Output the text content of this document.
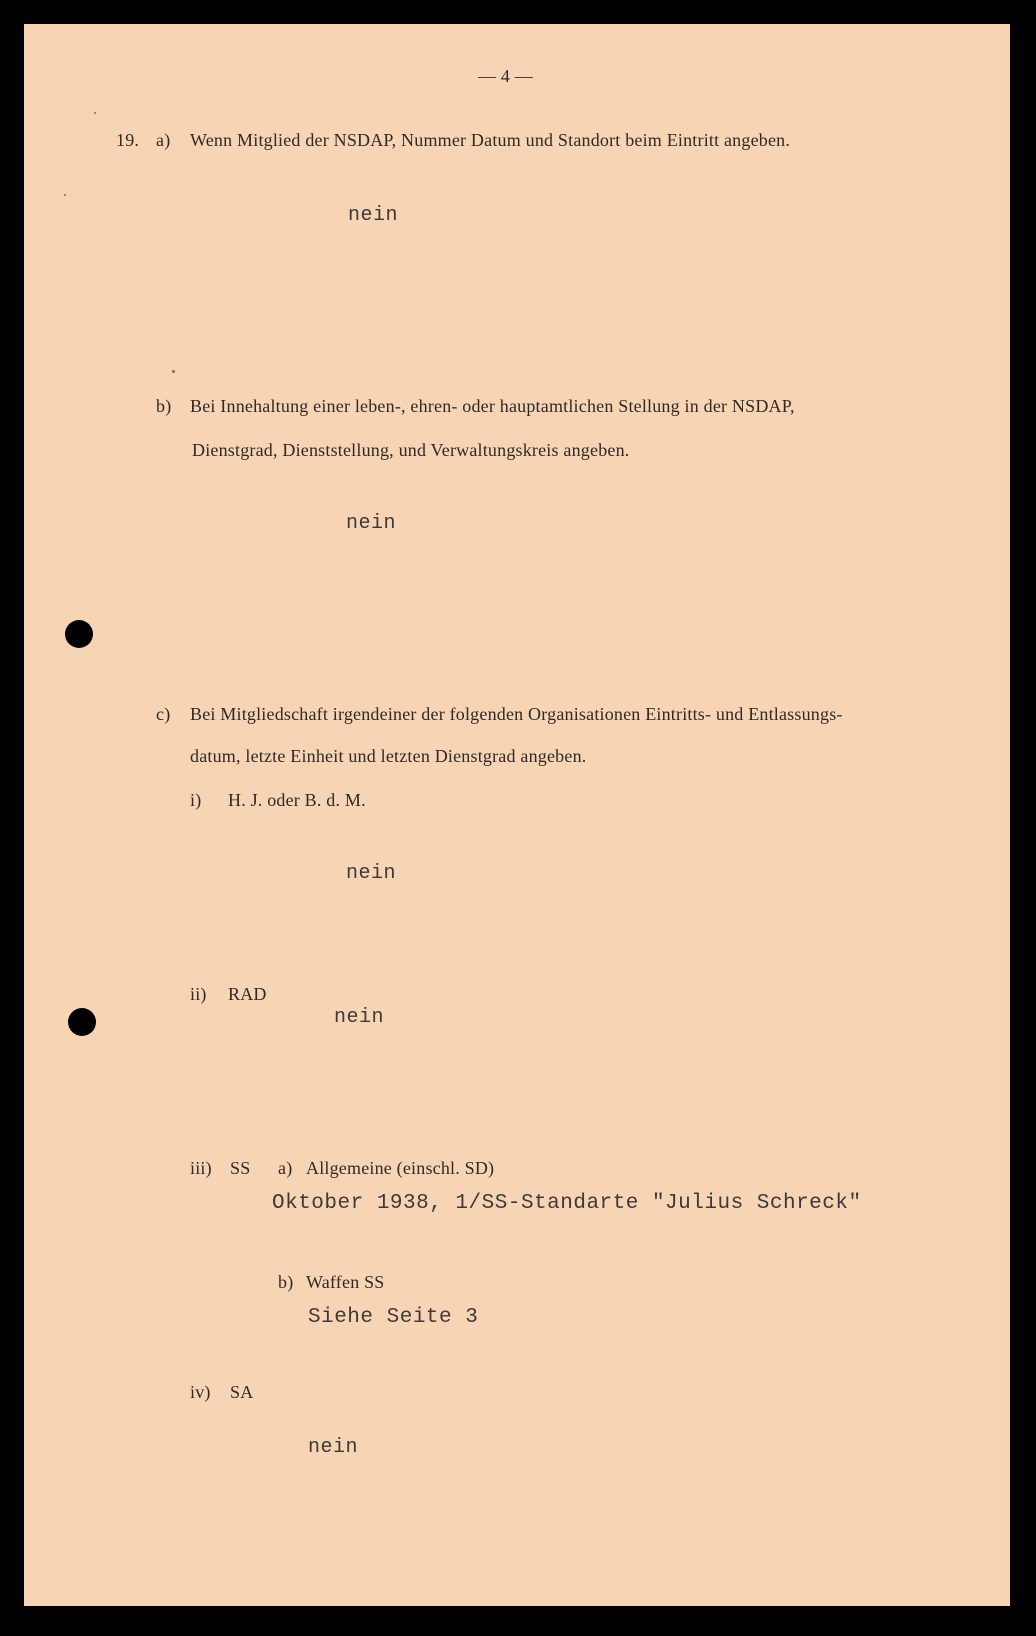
— 4 —
19. a) Wenn Mitglied der NSDAP, Nummer Datum und Standort beim Eintritt angeben.
nein
b) Bei Innehaltung einer leben-, ehren- oder hauptamtlichen Stellung in der NSDAP,
Dienstgrad, Dienststellung, und Verwaltungskreis angeben.
nein
c) Bei Mitgliedschaft irgendeiner der folgenden Organisationen Eintritts- und Entlassungs-
datum, letzte Einheit und letzten Dienstgrad angeben.
i) H. J. oder B. d. M.
nein
ii) RAD
nein
iii) SS a) Allgemeine (einschl. SD)
Oktober 1938, 1/SS-Standarte "Julius Schreck"
b) Waffen SS
Siehe Seite 3
iv) SA
nein
